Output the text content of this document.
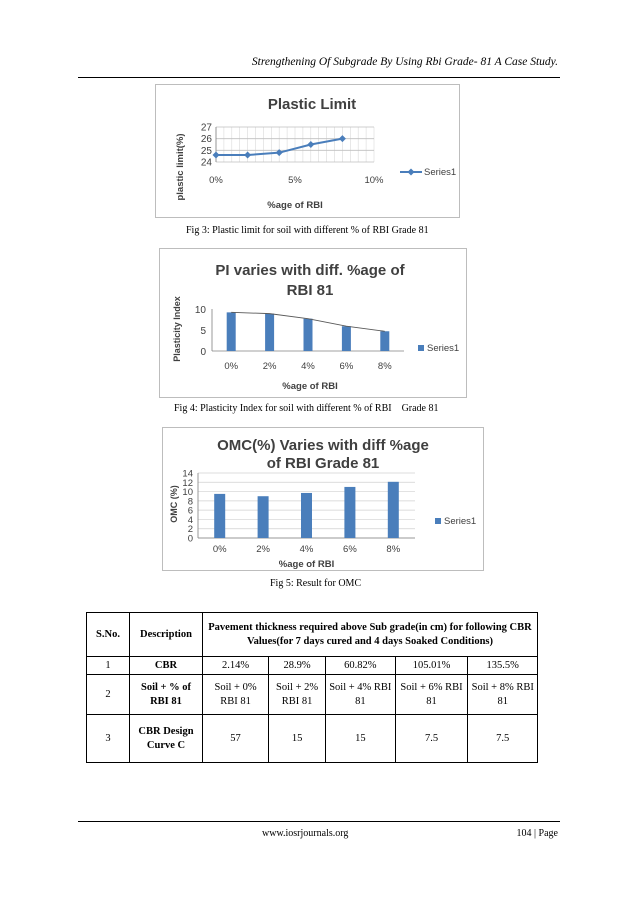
Strengthening Of Subgrade By Using Rbi Grade- 81 A Case Study.
Plastic Limit
24
25
26
27
0%	5%	10%
%age of RBI
plastic limit(%)	Series1
Fig 3: Plastic limit for soil with different % of RBI Grade 81
PI varies with diff. %age of
RBI 81
0
5
10
0%	2%	4%	6%	8%
%age of RBI
Plasticity Index	Series1
Fig 4: Plasticity Index for soil with different % of RBI    Grade 81
OMC(%) Varies with diff %age
of RBI Grade 81
0
2
4
6
8
10
12
14
0%	2%	4%	6%	8%
%age of RBI
OMC (%)	Series1
Fig 5: Result for OMC
S.No.	Description	Pavement thickness required above Sub grade(in cm) for following CBR Values(for 7 days cured and 4 days Soaked Conditions)				
1	CBR	2.14%	28.9%	60.82%	105.01%	135.5%
2	Soil + % of RBI 81	Soil + 0% RBI 81	Soil + 2% RBI 81	Soil + 4% RBI 81	Soil + 6% RBI 81	Soil + 8% RBI 81
3	CBR Design Curve C	57	15	15	7.5	7.5
www.iosrjournals.org	104 | Page
